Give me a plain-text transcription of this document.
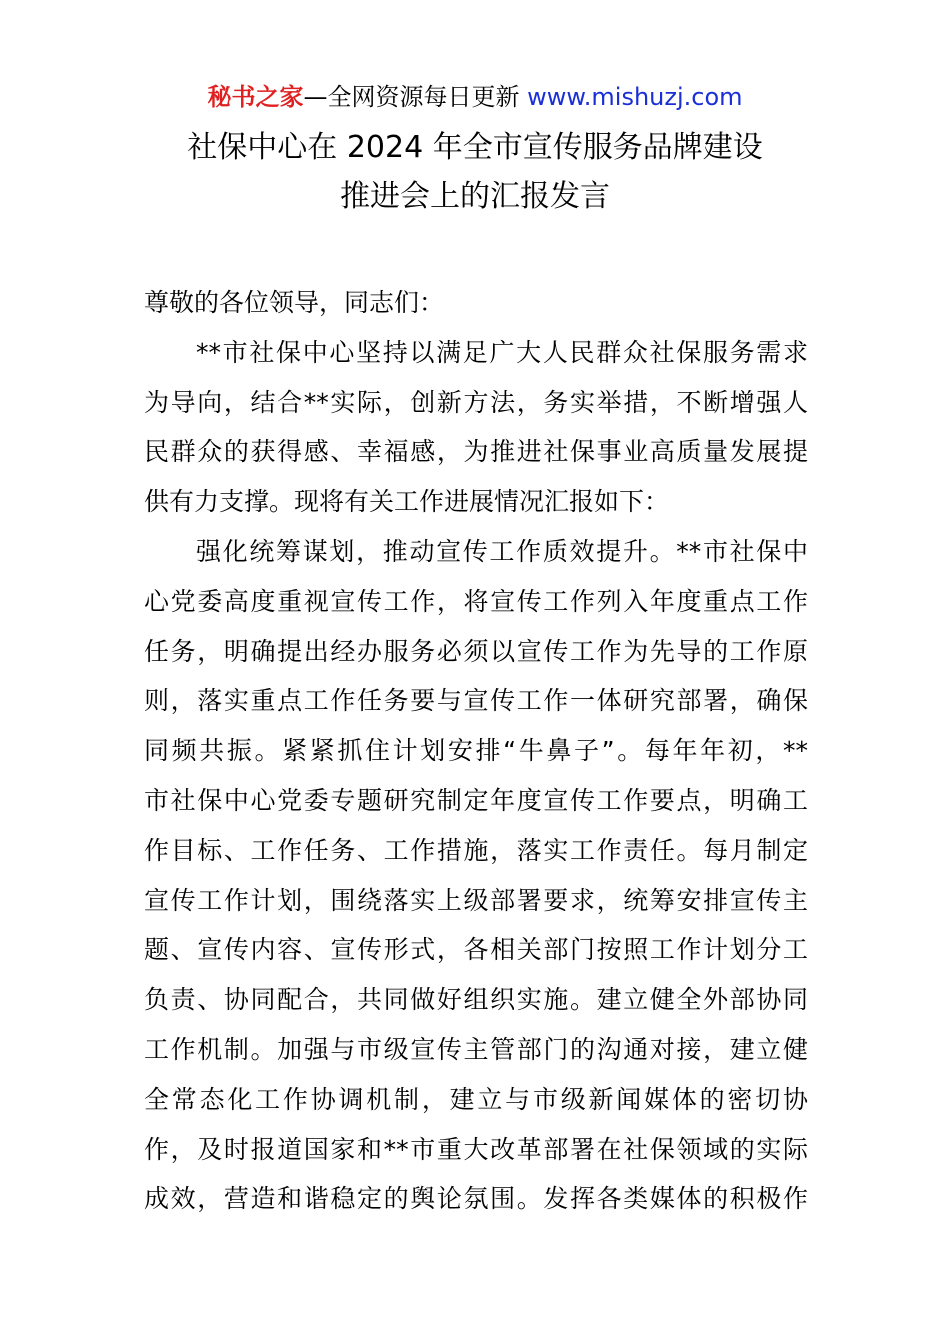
秘书之家—全网资源每日更新 www.mishuzj.com
社保中心在 2024 年全市宣传服务品牌建设
推进会上的汇报发言
尊敬的各位领导，同志们：
**市社保中心坚持以满足广大人民群众社保服务需求
为导向，结合**实际，创新方法，务实举措，不断增强人
民群众的获得感、幸福感，为推进社保事业高质量发展提
供有力支撑。现将有关工作进展情况汇报如下：
强化统筹谋划，推动宣传工作质效提升。**市社保中
心党委高度重视宣传工作，将宣传工作列入年度重点工作
任务，明确提出经办服务必须以宣传工作为先导的工作原
则，落实重点工作任务要与宣传工作一体研究部署，确保
同频共振。紧紧抓住计划安排“牛鼻子”。每年年初，**
市社保中心党委专题研究制定年度宣传工作要点，明确工
作目标、工作任务、工作措施，落实工作责任。每月制定
宣传工作计划，围绕落实上级部署要求，统筹安排宣传主
题、宣传内容、宣传形式，各相关部门按照工作计划分工
负责、协同配合，共同做好组织实施。建立健全外部协同
工作机制。加强与市级宣传主管部门的沟通对接，建立健
全常态化工作协调机制，建立与市级新闻媒体的密切协
作，及时报道国家和**市重大改革部署在社保领域的实际
成效，营造和谐稳定的舆论氛围。发挥各类媒体的积极作
